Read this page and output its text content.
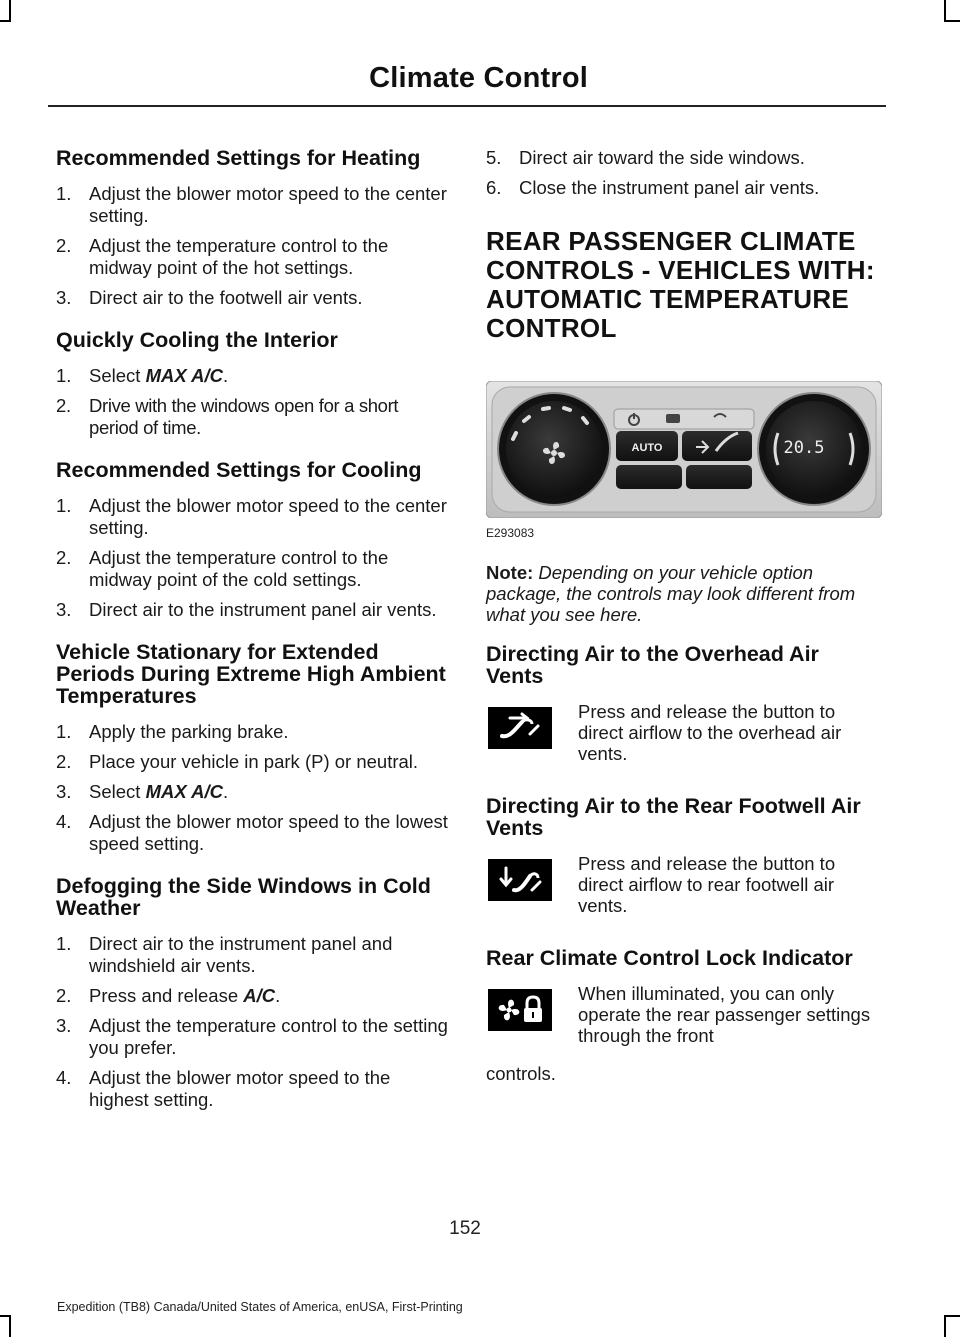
Climate Control
Recommended Settings for Heating
1. Adjust the blower motor speed to the center setting.
2. Adjust the temperature control to the midway point of the hot settings.
3. Direct air to the footwell air vents.
Quickly Cooling the Interior
1. Select MAX A/C.
2. Drive with the windows open for a short period of time.
Recommended Settings for Cooling
1. Adjust the blower motor speed to the center setting.
2. Adjust the temperature control to the midway point of the cold settings.
3. Direct air to the instrument panel air vents.
Vehicle Stationary for Extended Periods During Extreme High Ambient Temperatures
1. Apply the parking brake.
2. Place your vehicle in park (P) or neutral.
3. Select MAX A/C.
4. Adjust the blower motor speed to the lowest speed setting.
Defogging the Side Windows in Cold Weather
1. Direct air to the instrument panel and windshield air vents.
2. Press and release A/C.
3. Adjust the temperature control to the setting you prefer.
4. Adjust the blower motor speed to the highest setting.
5. Direct air toward the side windows.
6. Close the instrument panel air vents.
REAR PASSENGER CLIMATE
CONTROLS - VEHICLES WITH:
AUTOMATIC TEMPERATURE
CONTROL
20.5
AUTO
E293083

Note: Depending on your vehicle option package, the controls may look different from what you see here.

Directing Air to the Overhead Air Vents
Press and release the button to direct airflow to the overhead air vents.
Directing Air to the Rear Footwell Air Vents
Press and release the button to direct airflow to rear footwell air vents.
Rear Climate Control Lock Indicator
When illuminated, you can only operate the rear passenger settings through the front
controls.
152
Expedition (TB8) Canada/United States of America, enUSA, First-Printing
